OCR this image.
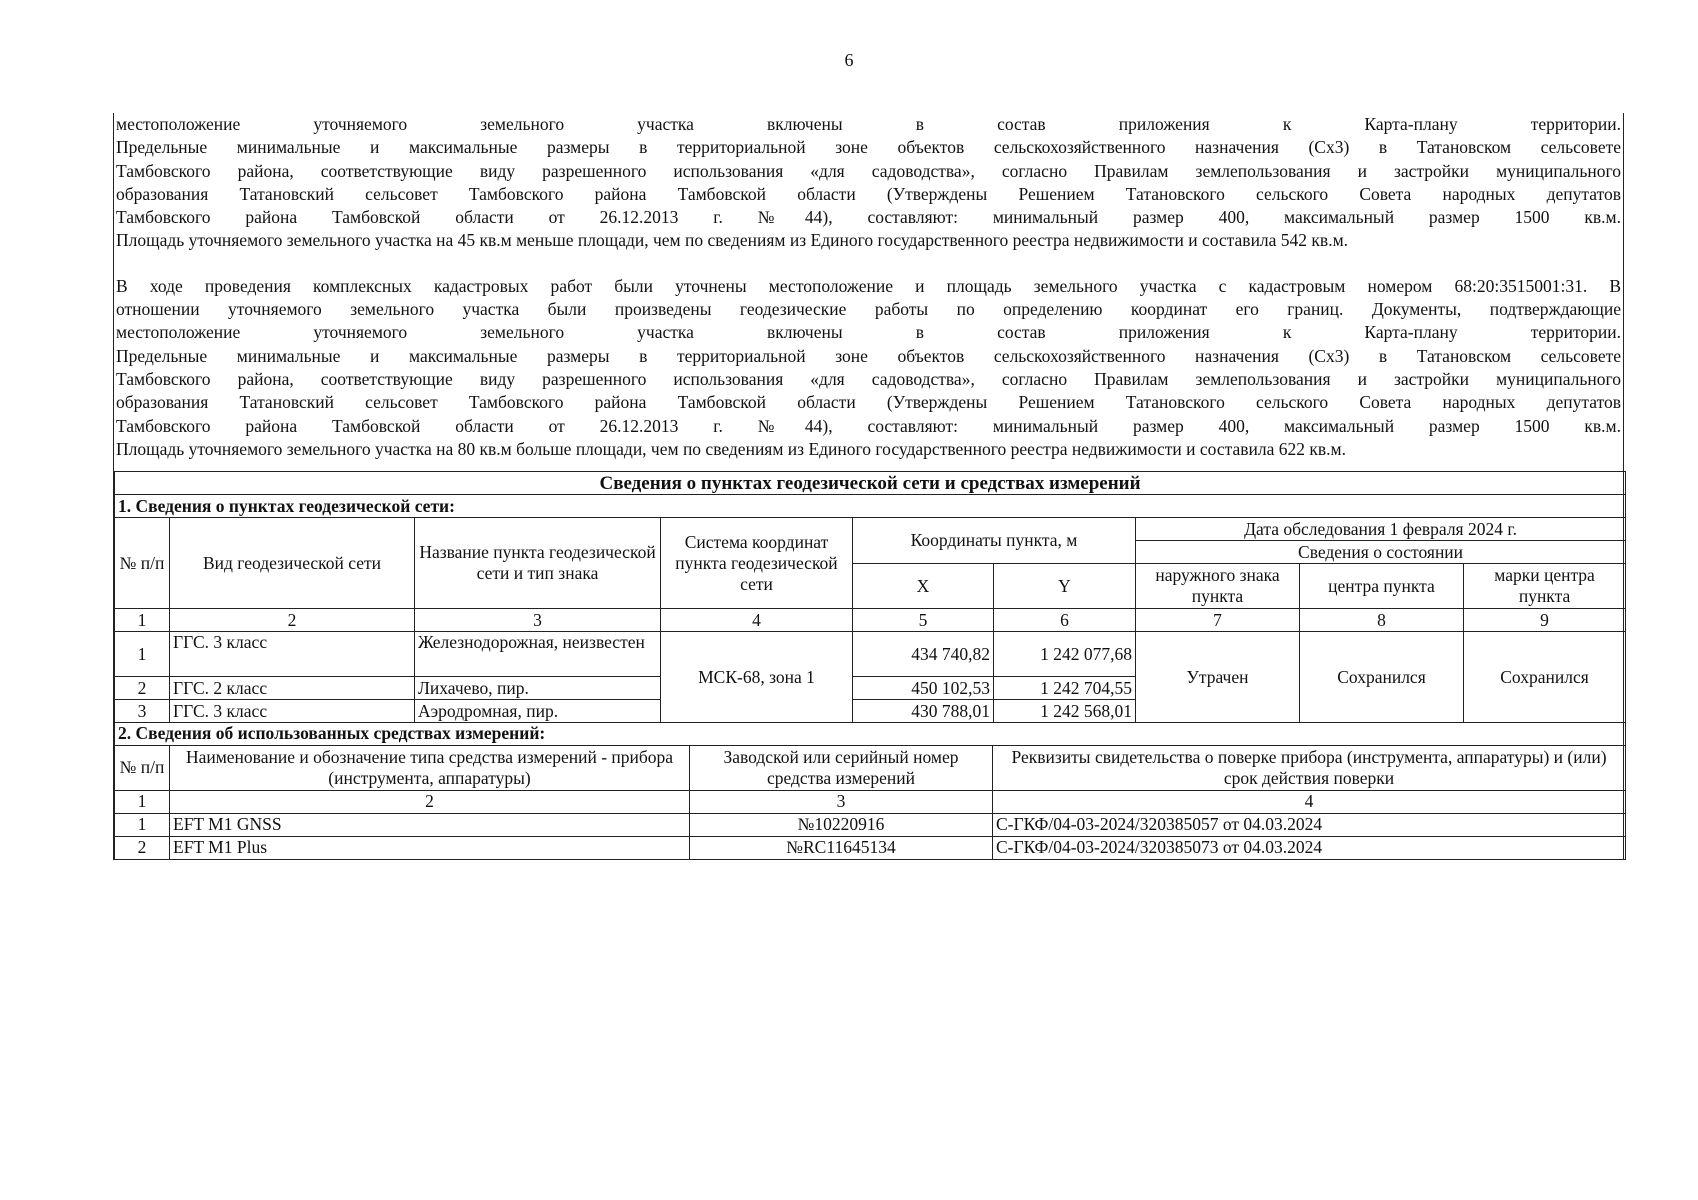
6
местоположение уточняемого земельного участка включены в состав приложения к Карта-плану территории.
Предельные минимальные и максимальные размеры в территориальной зоне объектов сельскохозяйственного назначения (Сх3) в Татановском сельсовете
Тамбовского района, соответствующие виду разрешенного использования «для садоводства», согласно Правилам землепользования и застройки муниципального
образования Татановский сельсовет Тамбовского района Тамбовской области (Утверждены Решением Татановского сельского Совета народных депутатов
Тамбовского района Тамбовской области от 26.12.2013 г. №44), составляют: минимальный размер 400, максимальный размер 1500 кв.м.
Площадь уточняемого земельного участка на 45 кв.м меньше площади, чем по сведениям из Единого государственного реестра недвижимости и составила 542 кв.м.
В ходе проведения комплексных кадастровых работ были уточнены местоположение и площадь земельного участка с кадастровым номером 68:20:3515001:31. В
отношении уточняемого земельного участка были произведены геодезические работы по определению координат его границ. Документы, подтверждающие
местоположение уточняемого земельного участка включены в состав приложения к Карта-плану территории.
Предельные минимальные и максимальные размеры в территориальной зоне объектов сельскохозяйственного назначения (Сх3) в Татановском сельсовете
Тамбовского района, соответствующие виду разрешенного использования «для садоводства», согласно Правилам землепользования и застройки муниципального
образования Татановский сельсовет Тамбовского района Тамбовской области (Утверждены Решением Татановского сельского Совета народных депутатов
Тамбовского района Тамбовской области от 26.12.2013 г. №44), составляют: минимальный размер 400, максимальный размер 1500 кв.м.
Площадь уточняемого земельного участка на 80 кв.м больше площади, чем по сведениям из Единого государственного реестра недвижимости и составила 622 кв.м.
Сведения о пунктах геодезической сети и средствах измерений								
1. Сведения о пунктах геодезической сети:								
№ п/п	Вид геодезической сети	Название пункта геодезической сети и тип знака	Система координат пункта геодезической сети	Координаты пункта, м		Дата обследования 1 февраля 2024 г.		
						Сведения о состоянии		
				X	Y	наружного знака пункта	центра пункта	марки центра пункта
1	2	3	4	5	6	7	8	9
1	ГГС. 3 класс	Железнодорожная, неизвестен	МСК-68, зона 1	434 740,82	1 242 077,68	Утрачен	Сохранился	Сохранился
2	ГГС. 2 класс	Лихачево, пир.		450 102,53	1 242 704,55			
3	ГГС. 3 класс	Аэродромная, пир.		430 788,01	1 242 568,01			
2. Сведения об использованных средствах измерений:			
№ п/п	Наименование и обозначение типа средства измерений - прибора (инструмента, аппаратуры)	Заводской или серийный номер средства измерений	Реквизиты свидетельства о поверке прибора (инструмента, аппаратуры) и (или) срок действия поверки
1	2	3	4
1	EFT M1 GNSS	№10220916	С-ГКФ/04-03-2024/320385057 от 04.03.2024
2	EFT M1 Plus	№RC11645134	С-ГКФ/04-03-2024/320385073 от 04.03.2024
